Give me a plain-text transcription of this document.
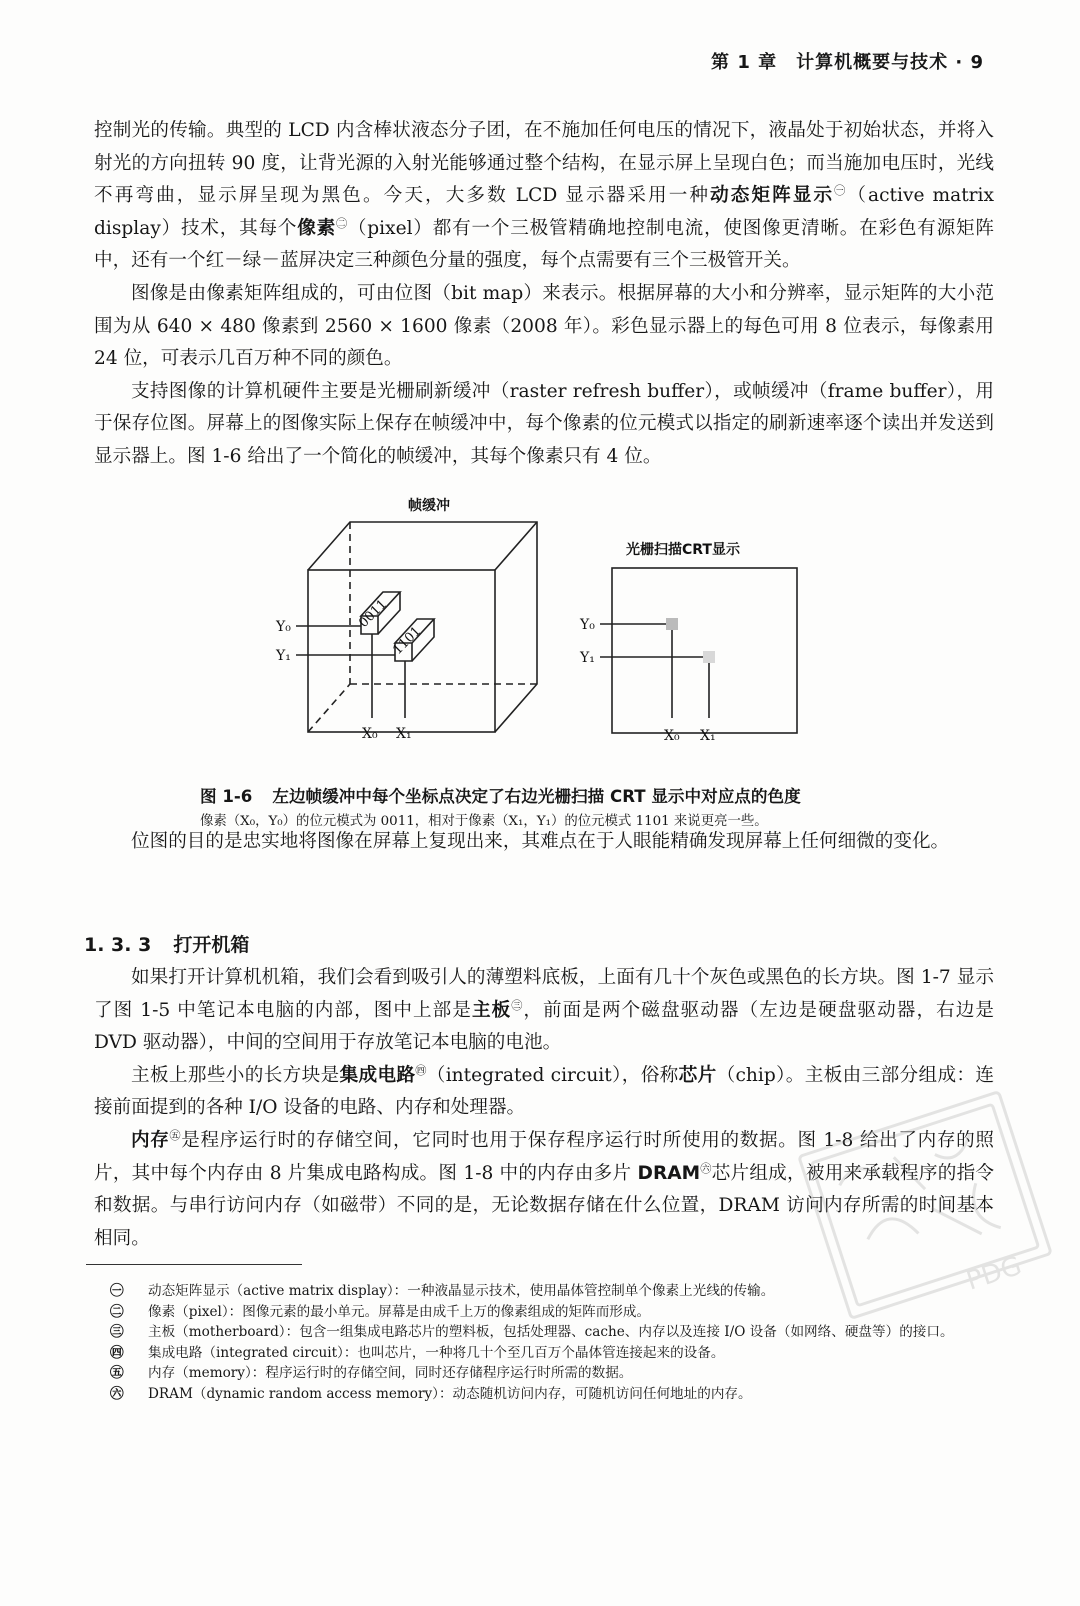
第 1 章　计算机概要与技术 · 9

控制光的传输。典型的 LCD 内含棒状液态分子团，在不施加任何电压的情况下，液晶处于初始状态，并将入射光的方向扭转 90 度，让背光源的入射光能够通过整个结构，在显示屏上呈现白色；而当施加电压时，光线不再弯曲，显示屏呈现为黑色。今天，大多数 LCD 显示器采用一种动态矩阵显示$^㊀$（active matrix display）技术，其每个像素$^㊁$（pixel）都有一个三极管精确地控制电流，使图像更清晰。在彩色有源矩阵中，还有一个红－绿－蓝屏决定三种颜色分量的强度，每个点需要有三个三极管开关。

图像是由像素矩阵组成的，可由位图（bit map）来表示。根据屏幕的大小和分辨率，显示矩阵的大小范围为从 640 × 480 像素到 2560 × 1600 像素（2008 年）。彩色显示器上的每色可用 8 位表示，每像素用 24 位，可表示几百万种不同的颜色。

支持图像的计算机硬件主要是光栅刷新缓冲（raster refresh buffer），或帧缓冲（frame buffer），用于保存位图。屏幕上的图像实际上保存在帧缓冲中，每个像素的位元模式以指定的刷新速率逐个读出并发送到显示器上。图 1-6 给出了一个简化的帧缓冲，其每个像素只有 4 位。

帧缓冲
光栅扫描CRT显示
Y₀
Y₁
X₀ X₁
Y₀
Y₁
X₀ X₁
0011
1101
图 1-6 左边帧缓冲中每个坐标点决定了右边光栅扫描 CRT 显示中对应点的色度
像素（X₀，Y₀）的位元模式为 0011，相对于像素（X₁，Y₁）的位元模式 1101 来说更亮一些。

位图的目的是忠实地将图像在屏幕上复现出来，其难点在于人眼能精确发现屏幕上任何细微的变化。

1. 3. 3 打开机箱

如果打开计算机机箱，我们会看到吸引人的薄塑料底板，上面有几十个灰色或黑色的长方块。图 1-7 显示了图 1-5 中笔记本电脑的内部，图中上部是主板$^㊂$，前面是两个磁盘驱动器（左边是硬盘驱动器，右边是 DVD 驱动器），中间的空间用于存放笔记本电脑的电池。

主板上那些小的长方块是集成电路$^㊃$（integrated circuit），俗称芯片（chip）。主板由三部分组成：连接前面提到的各种 I/O 设备的电路、内存和处理器。

内存$^㊄$是程序运行时的存储空间，它同时也用于保存程序运行时所使用的数据。图 1-8 给出了内存的照片，其中每个内存由 8 片集成电路构成。图 1-8 中的内存由多片 DRAM$^㊅$芯片组成，被用来承载程序的指令和数据。与串行访问内存（如磁带）不同的是，无论数据存储在什么位置，DRAM 访问内存所需的时间基本相同。

㊀	动态矩阵显示（active matrix display）：一种液晶显示技术，使用晶体管控制单个像素上光线的传输。

㊁	像素（pixel）：图像元素的最小单元。屏幕是由成千上万的像素组成的矩阵而形成。

㊂	主板（motherboard）：包含一组集成电路芯片的塑料板，包括处理器、cache、内存以及连接 I/O 设备（如网络、硬盘等）的接口。

㊃	集成电路（integrated circuit）：也叫芯片，一种将几十个至几百万个晶体管连接起来的设备。

㊄	内存（memory）：程序运行时的存储空间，同时还存储程序运行时所需的数据。

㊅	DRAM（dynamic random access memory）：动态随机访问内存，可随机访问任何地址的内存。

PDG
